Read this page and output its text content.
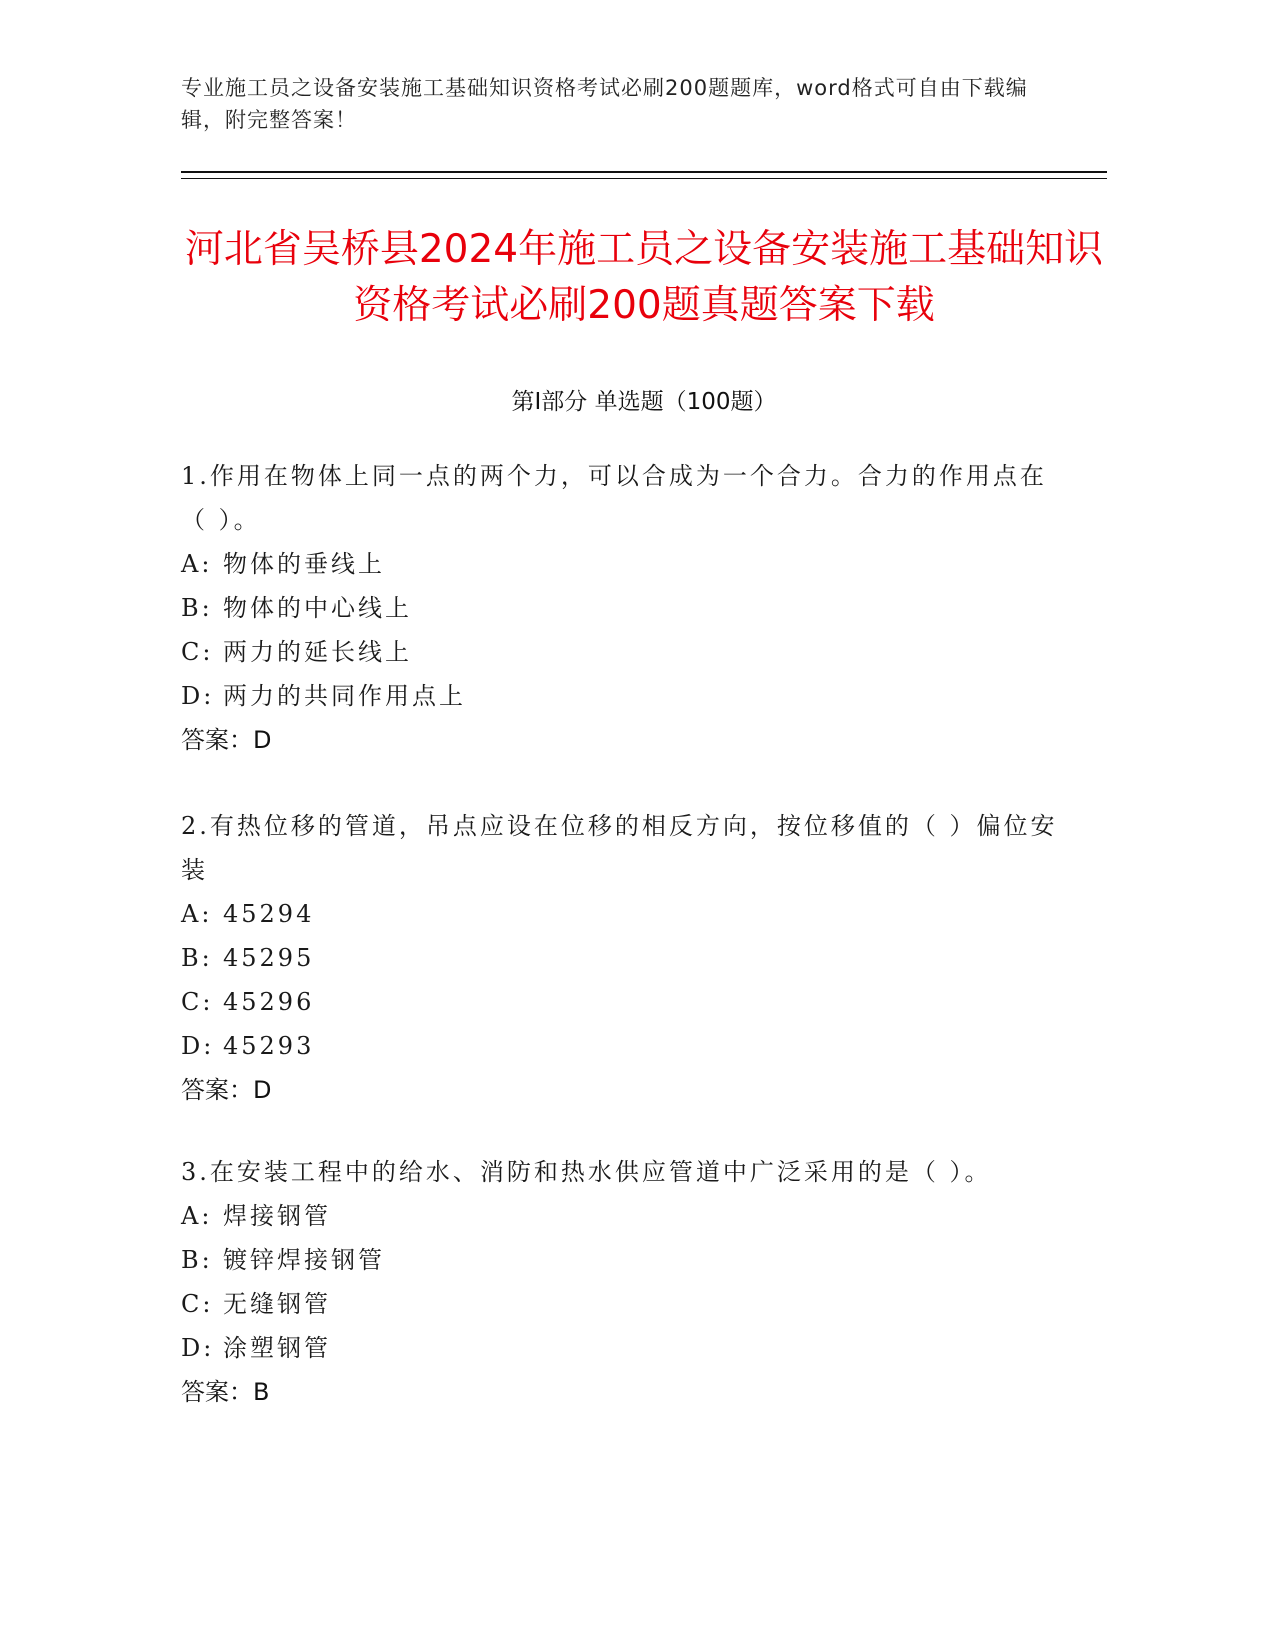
专业施工员之设备安装施工基础知识资格考试必刷200题题库，word格式可自由下载编辑，附完整答案！
河北省吴桥县2024年施工员之设备安装施工基础知识资格考试必刷200题真题答案下载
第Ⅰ部分 单选题（100题）

1.作用在物体上同一点的两个力，可以合成为一个合力。合力的作用点在（ ）。

A: 物体的垂线上

B: 物体的中心线上

C: 两力的延长线上

D: 两力的共同作用点上

答案：D

2.有热位移的管道，吊点应设在位移的相反方向，按位移值的（ ）偏位安装

A: 45294

B: 45295

C: 45296

D: 45293

答案：D

3.在安装工程中的给水、消防和热水供应管道中广泛采用的是（ ）。

A: 焊接钢管

B: 镀锌焊接钢管

C: 无缝钢管

D: 涂塑钢管

答案：B
